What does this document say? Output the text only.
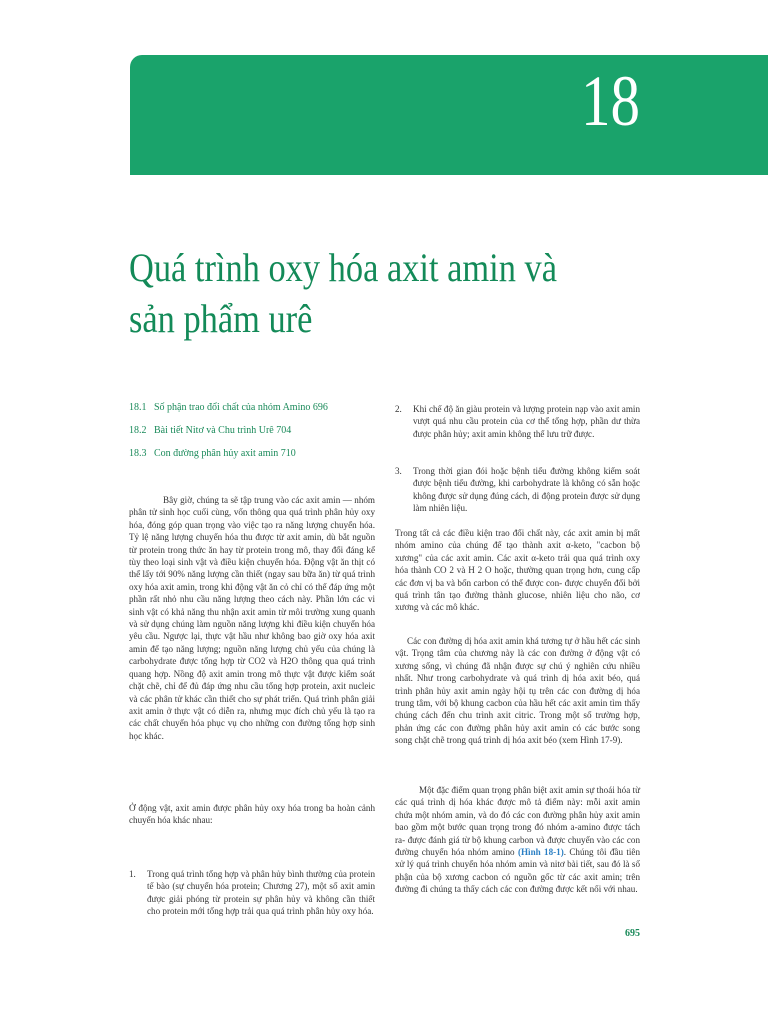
18
Quá trình oxy hóa axit amin và
sản phẩm urê
18.1 Số phận trao đổi chất của nhóm Amino 696
18.2 Bài tiết Nitơ và Chu trình Urê 704
18.3 Con đường phân hủy axit amin 710

Bây giờ, chúng ta sẽ tập trung vào các axit amin — nhóm phân tử sinh học cuối cùng, vốn thông qua quá trình phân hủy oxy hóa, đóng góp quan trọng vào việc tạo ra năng lượng chuyển hóa. Tỷ lệ năng lượng chuyển hóa thu được từ axit amin, dù bắt nguồn từ protein trong thức ăn hay từ protein trong mô, thay đổi đáng kể tùy theo loại sinh vật và điều kiện chuyển hóa. Động vật ăn thịt có thể lấy tới 90% năng lượng cần thiết (ngay sau bữa ăn) từ quá trình oxy hóa axit amin, trong khi động vật ăn cỏ chỉ có thể đáp ứng một phần rất nhỏ nhu cầu năng lượng theo cách này. Phần lớn các vi sinh vật có khả năng thu nhận axit amin từ môi trường xung quanh và sử dụng chúng làm nguồn năng lượng khi điều kiện chuyển hóa yêu cầu. Ngược lại, thực vật hầu như không bao giờ oxy hóa axit amin để tạo năng lượng; nguồn năng lượng chủ yếu của chúng là carbohydrate được tổng hợp từ CO2 và H2O thông qua quá trình quang hợp. Nồng độ axit amin trong mô thực vật được kiểm soát chặt chẽ, chỉ để đủ đáp ứng nhu cầu tổng hợp protein, axit nucleic và các phân tử khác cần thiết cho sự phát triển. Quá trình phân giải axit amin ở thực vật có diễn ra, nhưng mục đích chủ yếu là tạo ra các chất chuyển hóa phục vụ cho những con đường tổng hợp sinh học khác.

Ở động vật, axit amin được phân hủy oxy hóa trong ba hoàn cảnh chuyển hóa khác nhau:

1.	Trong quá trình tổng hợp và phân hủy bình thường của protein tế bào (sự chuyển hóa protein; Chương 27), một số axit amin được giải phóng từ protein sự phân hủy và không cần thiết cho protein mới tổng hợp trải qua quá trình phân hủy oxy hóa.

2.	Khi chế độ ăn giàu protein và lượng protein nạp vào axit amin vượt quá nhu cầu protein của cơ thể tổng hợp, phần dư thừa được phân hủy; axit amin không thể lưu trữ được.

3.	Trong thời gian đói hoặc bệnh tiểu đường không kiểm soát được bệnh tiểu đường, khi carbohydrate là không có sẵn hoặc không được sử dụng đúng cách, di động protein được sử dụng làm nhiên liệu.

Trong tất cả các điều kiện trao đổi chất này, các axit amin bị mất nhóm amino của chúng để tạo thành axit α-keto, "cacbon bộ xương" của các axit amin. Các axit α-keto trải qua quá trình oxy hóa thành CO 2 và H 2 O hoặc, thường quan trọng hơn, cung cấp các đơn vị ba và bốn carbon có thể được con- được chuyển đổi bởi quá trình tân tạo đường thành glucose, nhiên liệu cho não, cơ xương và các mô khác.

Các con đường dị hóa axit amin khá tương tự ở hầu hết các sinh vật. Trọng tâm của chương này là các con đường ở động vật có xương sống, vì chúng đã nhận được sự chú ý nghiên cứu nhiều nhất. Như trong carbohydrate và quá trình dị hóa axit béo, quá trình phân hủy axit amin ngày hội tụ trên các con đường dị hóa trung tâm, với bộ khung cacbon của hầu hết các axit amin tìm thấy chúng cách đến chu trình axit citric. Trong một số trường hợp, phản ứng các con đường phân hủy axit amin có các bước song song chặt chẽ trong quá trình dị hóa axit béo (xem Hình 17-9).

Một đặc điểm quan trọng phân biệt axit amin sự thoái hóa từ các quá trình dị hóa khác được mô tả điểm này: mỗi axit amin chứa một nhóm amin, và do đó các con đường phân hủy axit amin bao gồm một bước quan trọng trong đó nhóm a-amino được tách ra- được đánh giá từ bộ khung carbon và được chuyển vào các con đường chuyển hóa nhóm amino (Hình 18-1). Chúng tôi đầu tiên xử lý quá trình chuyển hóa nhóm amin và nitơ bài tiết, sau đó là số phận của bộ xương cacbon có nguồn gốc từ các axit amin; trên đường đi chúng ta thấy cách các con đường được kết nối với nhau.

695
